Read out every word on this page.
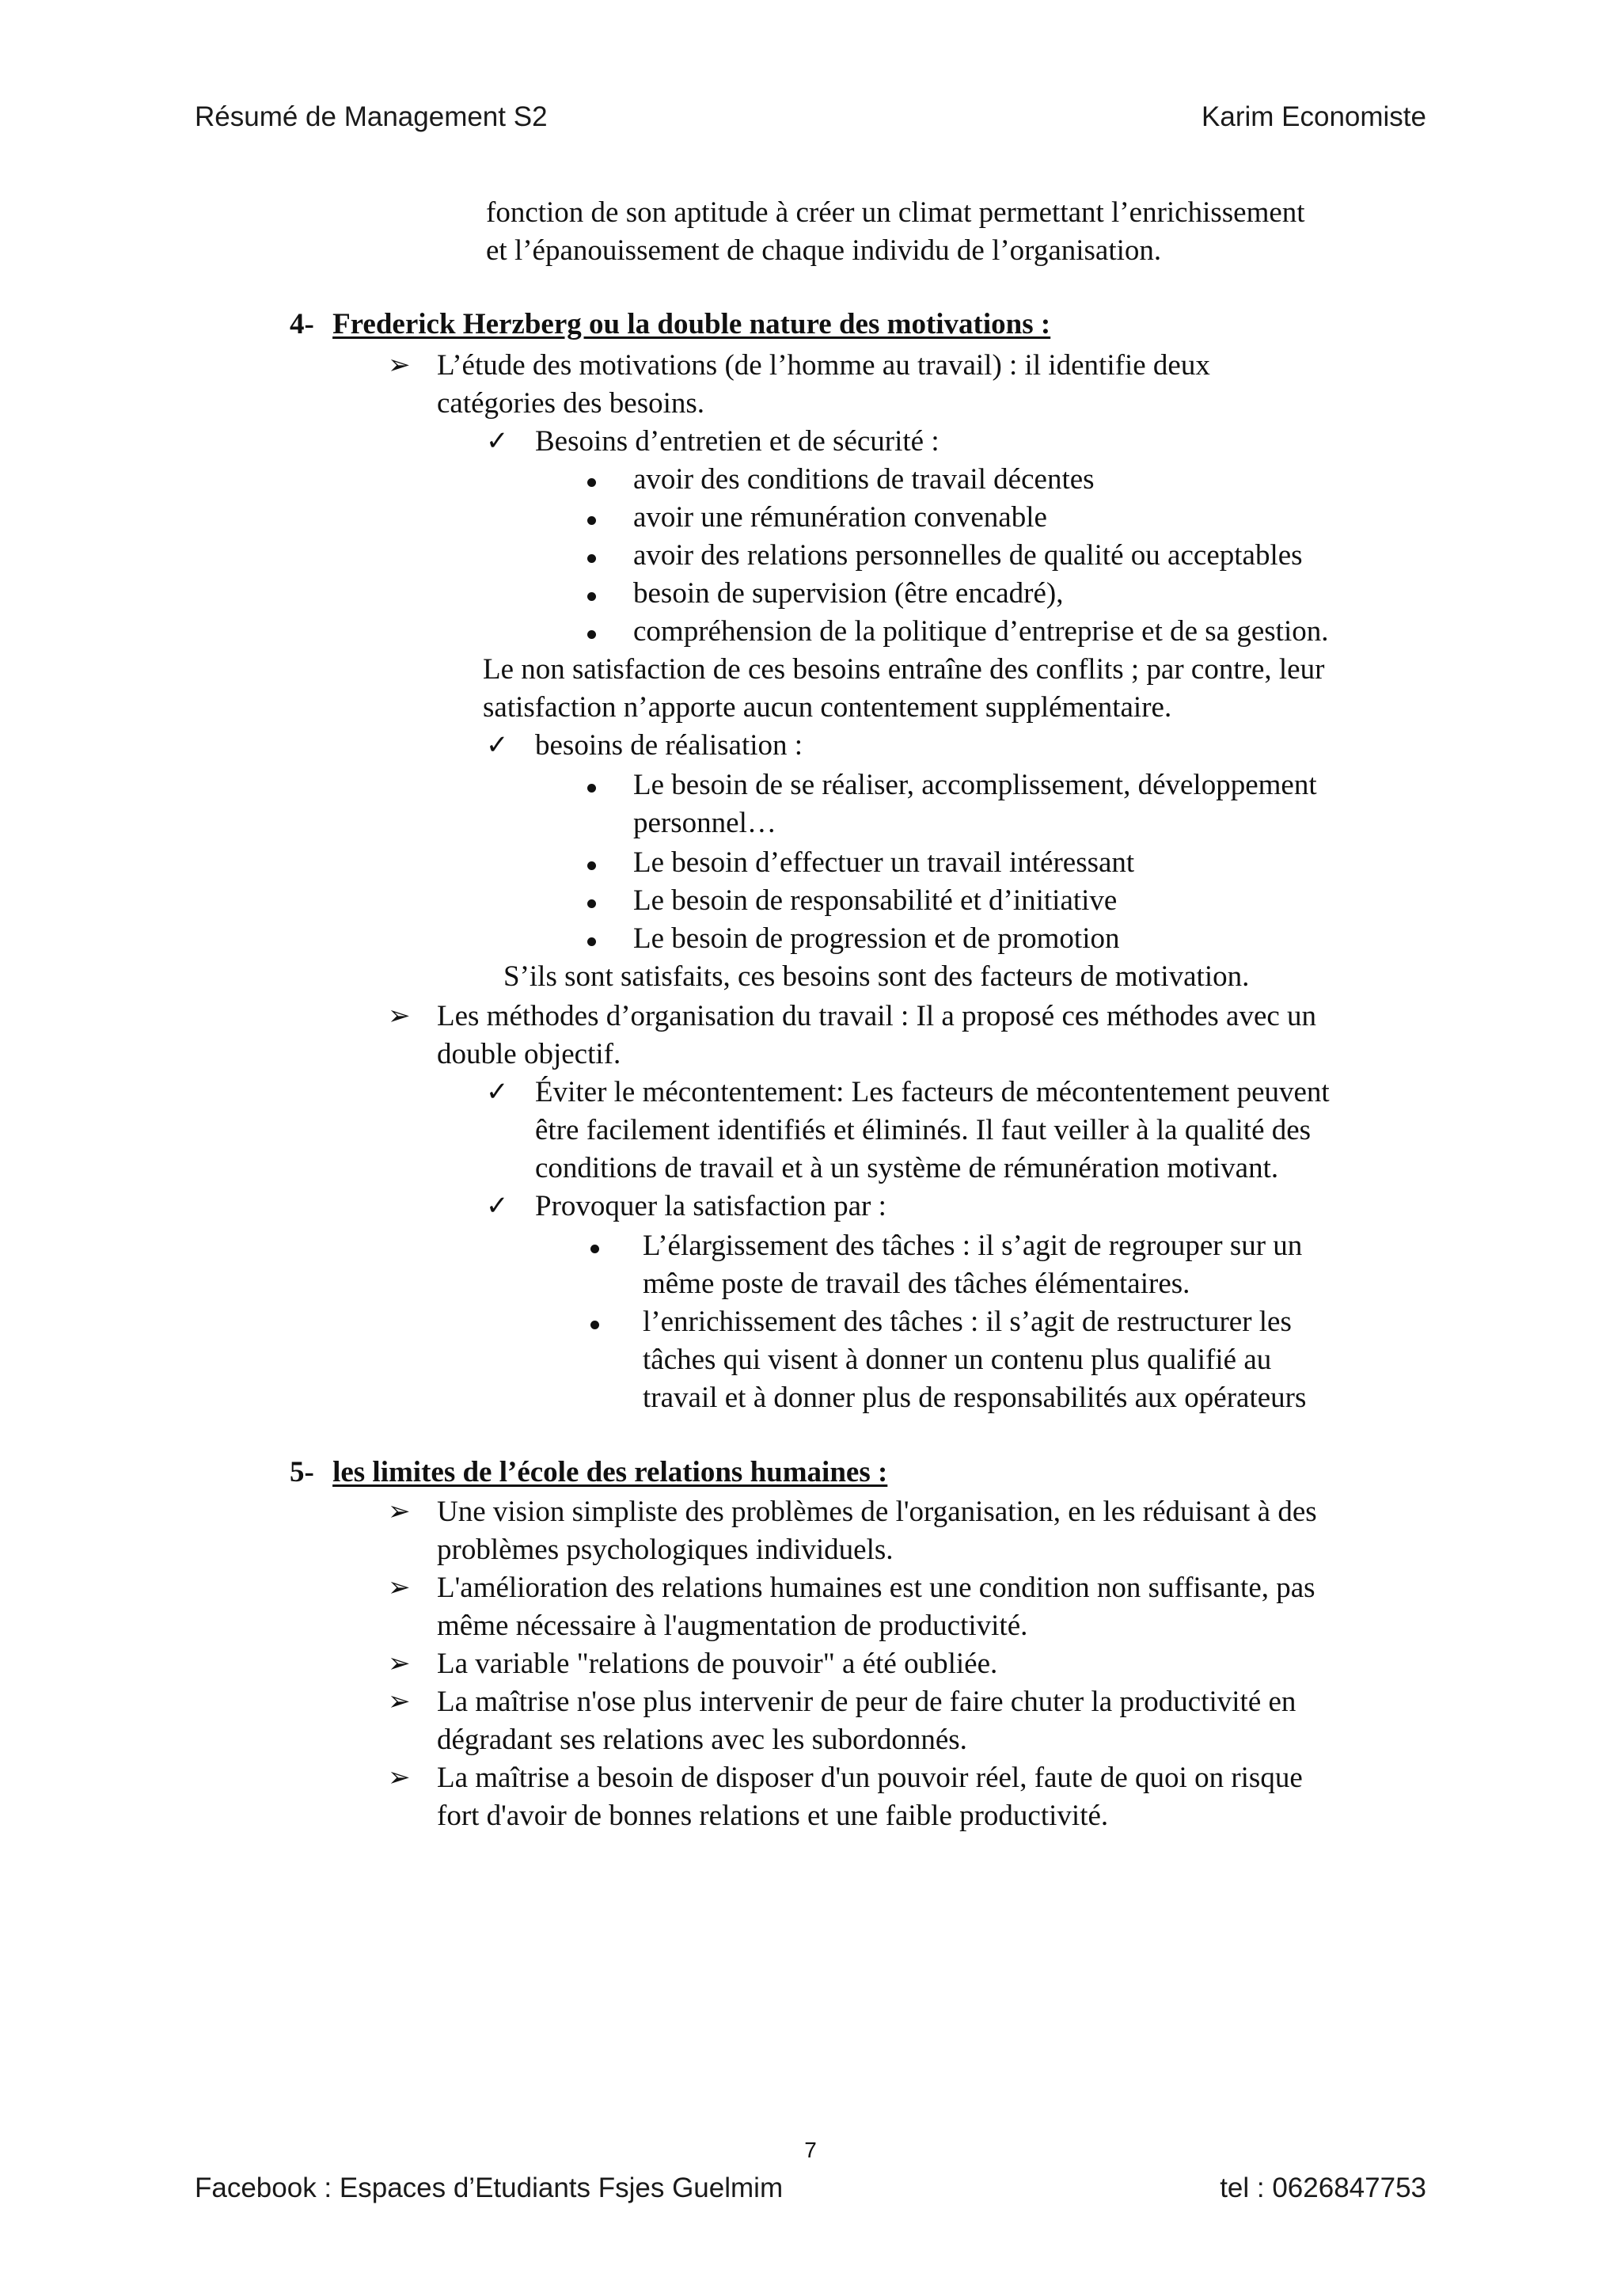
Résumé de Management S2	Karim Economiste
fonction de son aptitude à créer un climat permettant l’enrichissement
et l’épanouissement de chaque individu de l’organisation.
4- Frederick Herzberg ou la double nature des motivations :
➢ L’étude des motivations (de l’homme au travail) : il identifie deux
catégories des besoins.
✓ Besoins d’entretien et de sécurité :
avoir des conditions de travail décentes
avoir une rémunération convenable
avoir des relations personnelles de qualité ou acceptables
besoin de supervision (être encadré),
compréhension de la politique d’entreprise et de sa gestion.
Le non satisfaction de ces besoins entraîne des conflits ; par contre, leur
satisfaction n’apporte aucun contentement supplémentaire.
✓ besoins de réalisation :
Le besoin de se réaliser, accomplissement, développement
personnel…
Le besoin d’effectuer un travail intéressant
Le besoin de responsabilité et d’initiative
Le besoin de progression et de promotion
S’ils sont satisfaits, ces besoins sont des facteurs de motivation.
➢ Les méthodes d’organisation du travail : Il a proposé ces méthodes avec un
double objectif.
✓ Éviter le mécontentement: Les facteurs de mécontentement peuvent
être facilement identifiés et éliminés. Il faut veiller à la qualité des
conditions de travail et à un système de rémunération motivant.
✓ Provoquer la satisfaction par :
L’élargissement des tâches : il s’agit de regrouper sur un
même poste de travail des tâches élémentaires.
l’enrichissement des tâches : il s’agit de restructurer les
tâches qui visent à donner un contenu plus qualifié au
travail et à donner plus de responsabilités aux opérateurs
5- les limites de l’école des relations humaines :
➢ Une vision simpliste des problèmes de l'organisation, en les réduisant à des
problèmes psychologiques individuels.
➢ L'amélioration des relations humaines est une condition non suffisante, pas
même nécessaire à l'augmentation de productivité.
➢ La variable "relations de pouvoir" a été oubliée.
➢ La maîtrise n'ose plus intervenir de peur de faire chuter la productivité en
dégradant ses relations avec les subordonnés.
➢ La maîtrise a besoin de disposer d'un pouvoir réel, faute de quoi on risque
fort d'avoir de bonnes relations et une faible productivité.
7
Facebook : Espaces d’Etudiants Fsjes Guelmim	tel : 0626847753
